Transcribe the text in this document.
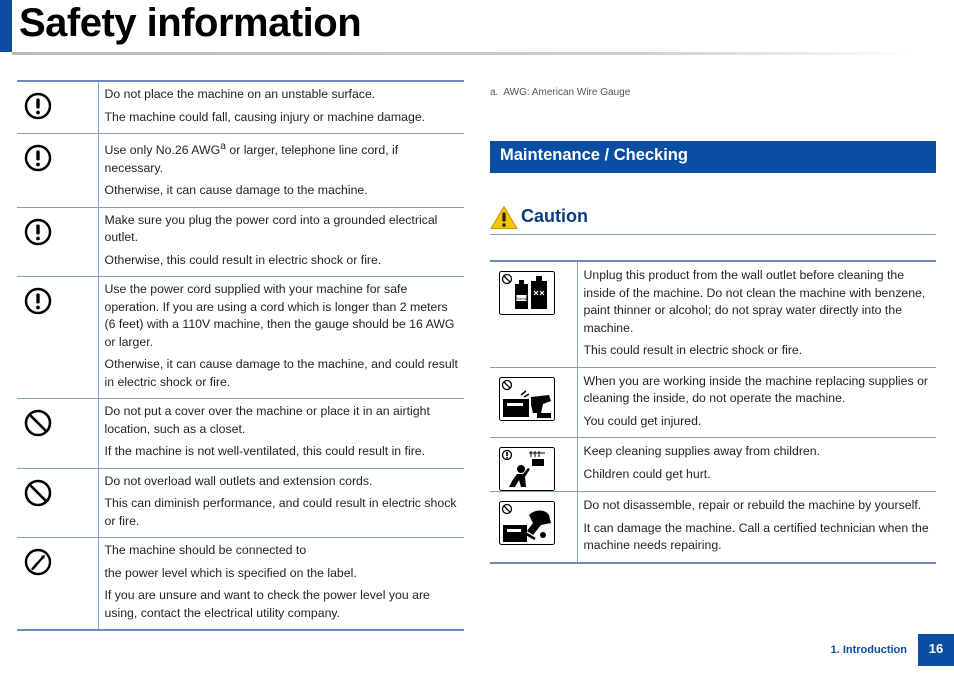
Safety information

Do not place the machine on an unstable surface.

The machine could fall, causing injury or machine damage.

Use only No.26 AWG$^a$ or larger, telephone line cord, if necessary.

Otherwise, it can cause damage to the machine.

Make sure you plug the power cord into a grounded electrical outlet.

Otherwise, this could result in electric shock or fire.

Use the power cord supplied with your machine for safe operation. If you are using a cord which is longer than 2 meters (6 feet) with a 110V machine, then the gauge should be 16 AWG or larger.

Otherwise, it can cause damage to the machine, and could result in electric shock or fire.

Do not put a cover over the machine or place it in an airtight location, such as a closet.

If the machine is not well-ventilated, this could result in fire.

Do not overload wall outlets and extension cords.

This can diminish performance, and could result in electric shock or fire.

The machine should be connected to

the power level which is specified on the label.

If you are unsure and want to check the power level you are using, contact the electrical utility company.

a. AWG: American Wire Gauge
Maintenance / Checking
Caution
Thinner	Unplug this product from the wall outlet before cleaning the inside of the machine. Do not clean the machine with benzene, paint thinner or alcohol; do not spray water directly into the machine.

This could result in electric shock or fire.

When you are working inside the machine replacing supplies or cleaning the inside, do not operate the machine.

You could get injured.

Keep cleaning supplies away from children.

Children could get hurt.

Do not disassemble, repair or rebuild the machine by yourself.

It can damage the machine. Call a certified technician when the machine needs repairing.

1. Introduction	16
